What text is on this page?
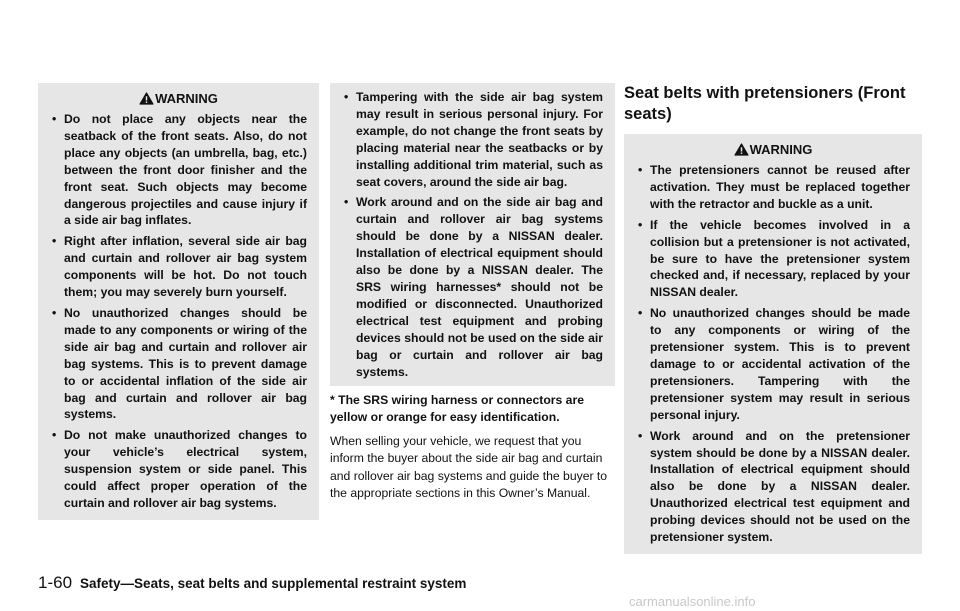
WARNING
• Do not place any objects near the seatback of the front seats. Also, do not place any objects (an umbrella, bag, etc.) between the front door finisher and the front seat. Such objects may become dangerous projectiles and cause injury if a side air bag inflates.
• Right after inflation, several side air bag and curtain and rollover air bag system components will be hot. Do not touch them; you may severely burn yourself.
• No unauthorized changes should be made to any components or wiring of the side air bag and curtain and rollover air bag systems. This is to prevent damage to or accidental inflation of the side air bag and curtain and rollover air bag systems.
• Do not make unauthorized changes to your vehicle’s electrical system, suspension system or side panel. This could affect proper operation of the curtain and rollover air bag systems.
• Tampering with the side air bag system may result in serious personal injury. For example, do not change the front seats by placing material near the seatbacks or by installing additional trim material, such as seat covers, around the side air bag.
• Work around and on the side air bag and curtain and rollover air bag systems should be done by a NISSAN dealer. Installation of electrical equipment should also be done by a NISSAN dealer. The SRS wiring harnesses* should not be modified or disconnected. Unauthorized electrical test equipment and probing devices should not be used on the side air bag or curtain and rollover air bag systems.

* The SRS wiring harness or connectors are yellow or orange for easy identification.

When selling your vehicle, we request that you inform the buyer about the side air bag and curtain and rollover air bag systems and guide the buyer to the appropriate sections in this Owner’s Manual.

Seat belts with pretensioners (Front seats)
WARNING
• The pretensioners cannot be reused after activation. They must be replaced together with the retractor and buckle as a unit.
• If the vehicle becomes involved in a collision but a pretensioner is not activated, be sure to have the pretensioner system checked and, if necessary, replaced by your NISSAN dealer.
• No unauthorized changes should be made to any components or wiring of the pretensioner system. This is to prevent damage to or accidental activation of the pretensioners. Tampering with the pretensioner system may result in serious personal injury.
• Work around and on the pretensioner system should be done by a NISSAN dealer. Installation of electrical equipment should also be done by a NISSAN dealer. Unauthorized electrical test equipment and probing devices should not be used on the pretensioner system.
1-60 Safety—Seats, seat belts and supplemental restraint system
carmanualsonline.info
